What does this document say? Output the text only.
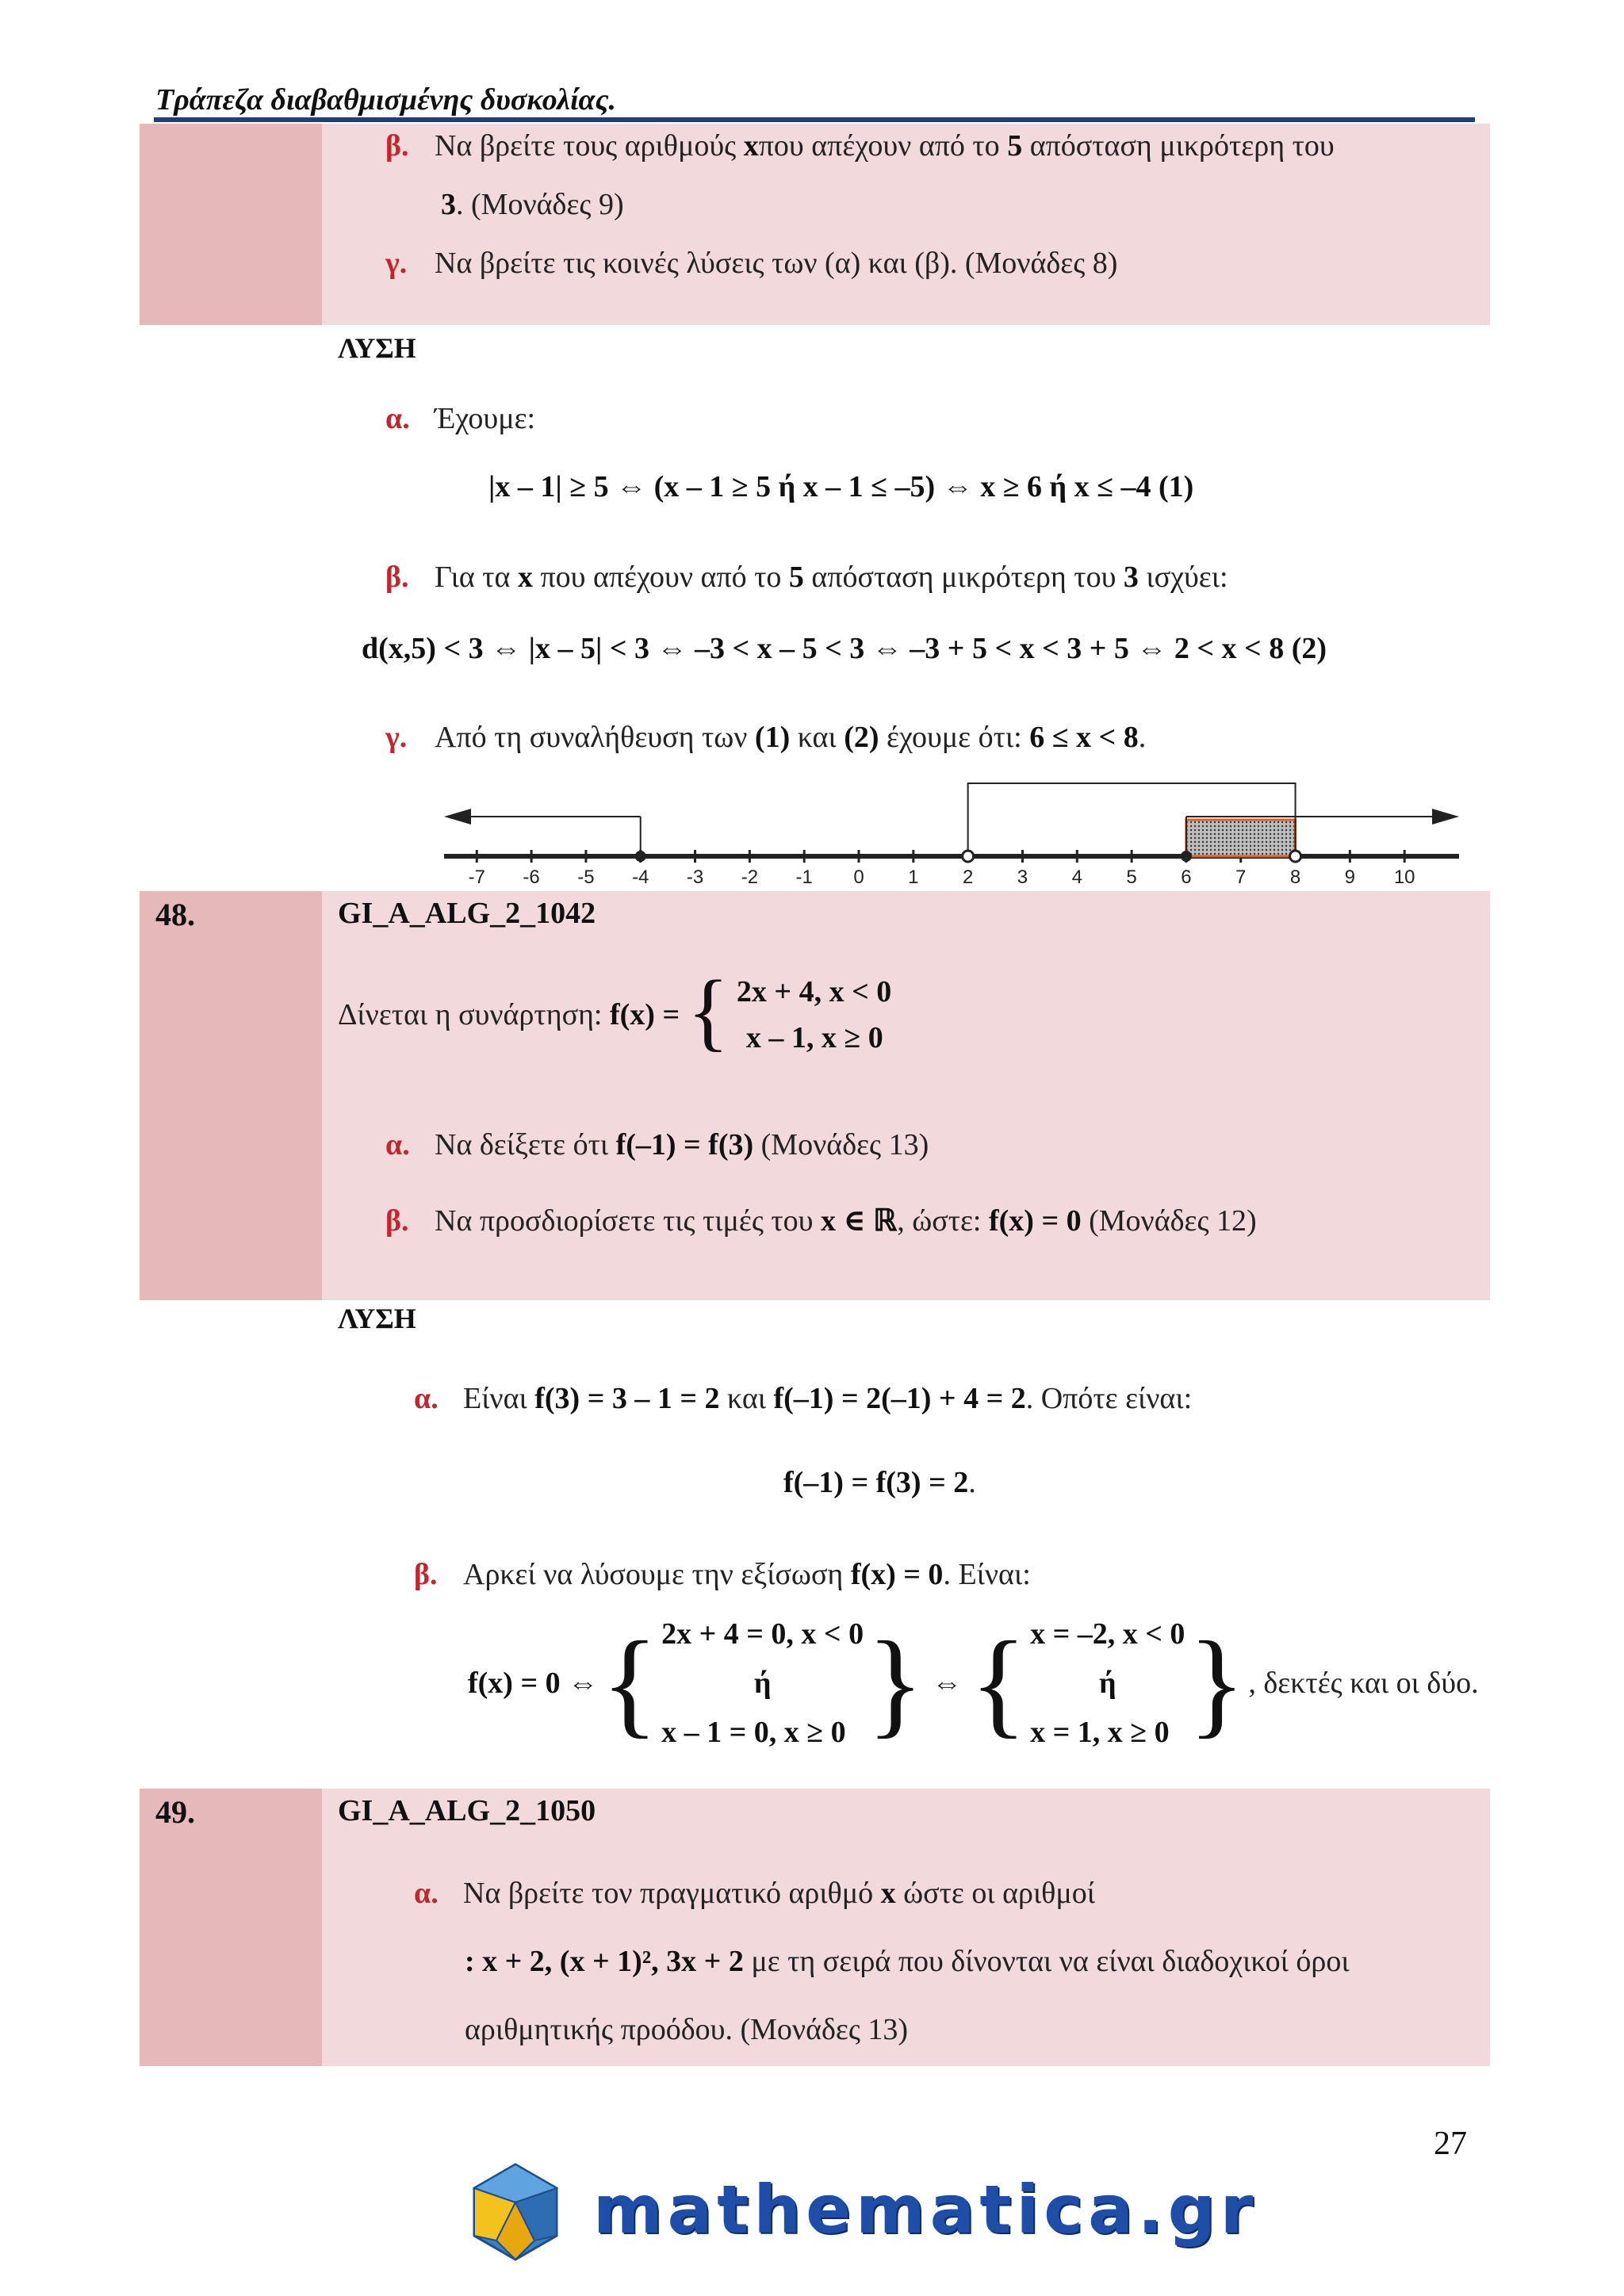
Τράπεζα διαβαθμισμένης δυσκολίας.
β. Να βρείτε τους αριθμούς xπου απέχουν από το 5 απόσταση μικρότερη του
3. (Μονάδες 9)
γ. Να βρείτε τις κοινές λύσεις των (α) και (β). (Μονάδες 8)
ΛΥΣΗ
α. Έχουμε:
|x – 1| ≥ 5 ⇔ (x – 1 ≥ 5 ή x – 1 ≤ –5) ⇔ x ≥ 6 ή x ≤ –4 (1)
β. Για τα x που απέχουν από το 5 απόσταση μικρότερη του 3 ισχύει:
d(x,5) < 3 ⇔ |x – 5| < 3 ⇔ –3 < x – 5 < 3 ⇔ –3 + 5 < x < 3 + 5 ⇔ 2 < x < 8 (2)
γ. Από τη συναλήθευση των (1) και (2) έχουμε ότι: 6 ≤ x < 8.
-7 -6 -5 -4 -3 -2 -1 0 1 2 3 4 5 6 7 8 9 10
48.	GI_A_ALG_2_1042
Δίνεται η συνάρτηση: f(x) = { 2x + 4, x < 0
x – 1, x ≥ 0
α. Να δείξετε ότι f(–1) = f(3) (Μονάδες 13)
β. Να προσδιορίσετε τις τιμές του x ∈ ℝ, ώστε: f(x) = 0 (Μονάδες 12)
ΛΥΣΗ
α. Είναι f(3) = 3 – 1 = 2 και f(–1) = 2(–1) + 4 = 2. Οπότε είναι:
f(–1) = f(3) = 2.
β. Αρκεί να λύσουμε την εξίσωση f(x) = 0. Είναι:
f(x) = 0 ⇔ { 2x + 4 = 0, x < 0
ή
x – 1 = 0, x ≥ 0 } ⇔ { x = –2, x < 0
ή
x = 1, x ≥ 0 } , δεκτές και οι δύο.
49.	GI_A_ALG_2_1050
α. Να βρείτε τον πραγματικό αριθμό x ώστε οι αριθμοί
: x + 2, (x + 1)², 3x + 2 με τη σειρά που δίνονται να είναι διαδοχικοί όροι
αριθμητικής προόδου. (Μονάδες 13)
27
mathematica.gr
